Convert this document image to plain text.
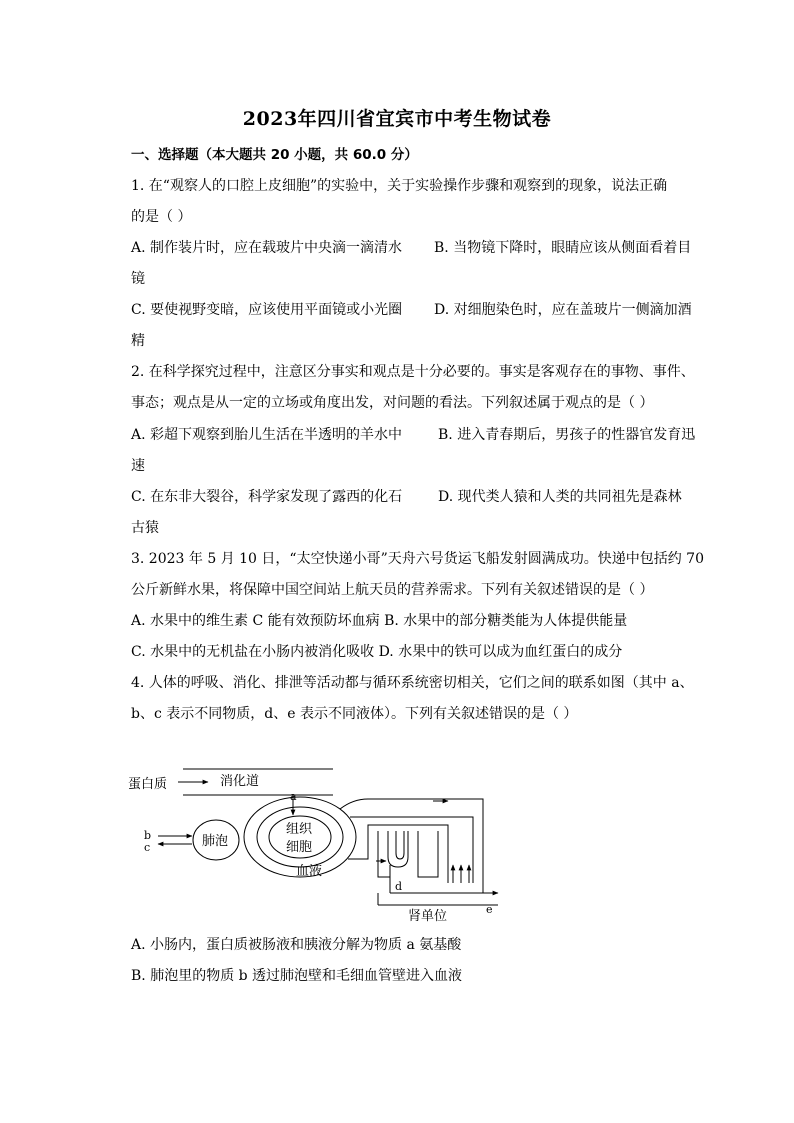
2023年四川省宜宾市中考生物试卷
一、选择题（本大题共 20 小题，共 60.0 分）
1. 在“观察人的口腔上皮细胞”的实验中，关于实验操作步骤和观察到的现象，说法正确
的是（ ）
A. 制作装片时，应在载玻片中央滴一滴清水 B. 当物镜下降时，眼睛应该从侧面看着目
镜
C. 要使视野变暗，应该使用平面镜或小光圈 D. 对细胞染色时，应在盖玻片一侧滴加酒
精
2. 在科学探究过程中，注意区分事实和观点是十分必要的。事实是客观存在的事物、事件、
事态；观点是从一定的立场或角度出发，对问题的看法。下列叙述属于观点的是（ ）
A. 彩超下观察到胎儿生活在半透明的羊水中	B. 进入青春期后，男孩子的性器官发育迅
速
C. 在东非大裂谷，科学家发现了露西的化石	D. 现代类人猿和人类的共同祖先是森林
古猿
3. 2023 年 5 月 10 日，“太空快递小哥”天舟六号货运飞船发射圆满成功。快递中包括约 70
公斤新鲜水果，将保障中国空间站上航天员的营养需求。下列有关叙述错误的是（ ）
A. 水果中的维生素 C 能有效预防坏血病 B. 水果中的部分糖类能为人体提供能量
C. 水果中的无机盐在小肠内被消化吸收 D. 水果中的铁可以成为血红蛋白的成分
4. 人体的呼吸、消化、排泄等活动都与循环系统密切相关，它们之间的联系如图（其中 a、
b、c 表示不同物质，d、e 表示不同液体）。下列有关叙述错误的是（ ）
蛋白质	消化道
a
b
c	肺泡
组织
细胞
血液
d
e
肾单位
A. 小肠内，蛋白质被肠液和胰液分解为物质 a 氨基酸
B. 肺泡里的物质 b 透过肺泡壁和毛细血管壁进入血液
